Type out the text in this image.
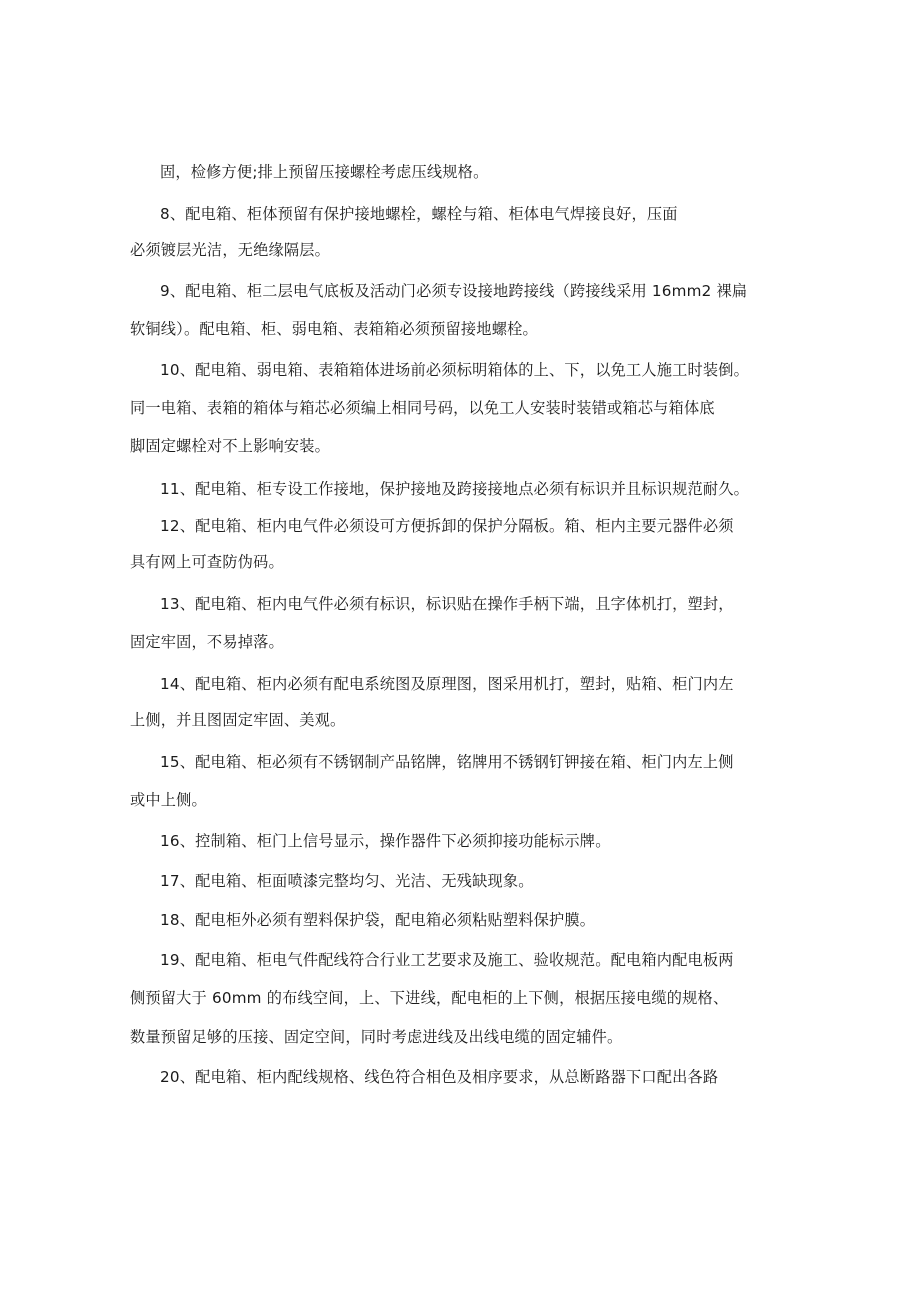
固，检修方便;排上预留压接螺栓考虑压线规格。
8、配电箱、柜体预留有保护接地螺栓，螺栓与箱、柜体电气焊接良好，压面
必须镀层光洁，无绝缘隔层。
9、配电箱、柜二层电气底板及活动门必须专设接地跨接线（跨接线采用 16mm2 裸扁
软铜线）。配电箱、柜、弱电箱、表箱箱必须预留接地螺栓。
10、配电箱、弱电箱、表箱箱体进场前必须标明箱体的上、下，以免工人施工时装倒。
同一电箱、表箱的箱体与箱芯必须编上相同号码，以免工人安装时装错或箱芯与箱体底
脚固定螺栓对不上影响安装。
11、配电箱、柜专设工作接地，保护接地及跨接接地点必须有标识并且标识规范耐久。
12、配电箱、柜内电气件必须设可方便拆卸的保护分隔板。箱、柜内主要元器件必须
具有网上可查防伪码。
13、配电箱、柜内电气件必须有标识，标识贴在操作手柄下端，且字体机打，塑封，
固定牢固，不易掉落。
14、配电箱、柜内必须有配电系统图及原理图，图采用机打，塑封，贴箱、柜门内左
上侧，并且图固定牢固、美观。
15、配电箱、柜必须有不锈钢制产品铭牌，铭牌用不锈钢钉钾接在箱、柜门内左上侧
或中上侧。
16、控制箱、柜门上信号显示，操作器件下必须抑接功能标示牌。
17、配电箱、柜面喷漆完整均匀、光洁、无残缺现象。
18、配电柜外必须有塑料保护袋，配电箱必须粘贴塑料保护膜。
19、配电箱、柜电气件配线符合行业工艺要求及施工、验收规范。配电箱内配电板两
侧预留大于 60mm 的布线空间，上、下进线，配电柜的上下侧，根据压接电缆的规格、
数量预留足够的压接、固定空间，同时考虑进线及出线电缆的固定辅件。
20、配电箱、柜内配线规格、线色符合相色及相序要求，从总断路器下口配出各路
